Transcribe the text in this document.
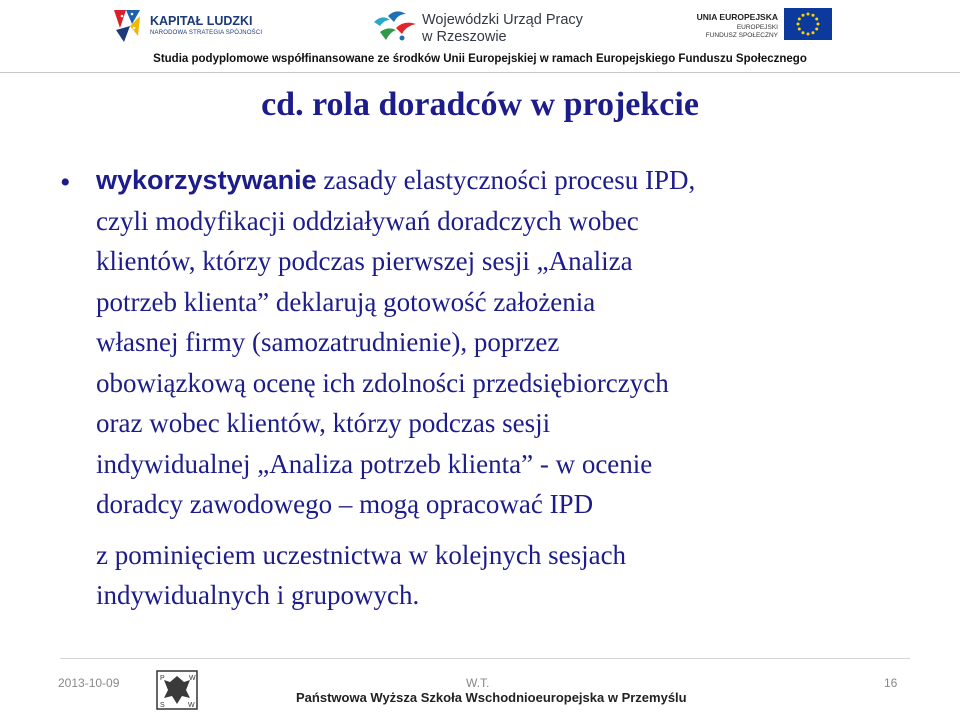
KAPITAŁ LUDZKI
NARODOWA STRATEGIA SPÓJNOŚCI
Wojewódzki Urząd Pracy
w Rzeszowie
UNIA EUROPEJSKA
EUROPEJSKI
FUNDUSZ SPOŁECZNY
Studia podyplomowe współfinansowane ze środków Unii Europejskiej w ramach Europejskiego Funduszu Społecznego
cd. rola doradców w projekcie
• wykorzystywanie zasady elastyczności procesu IPD,
czyli modyfikacji oddziaływań doradczych wobec
klientów, którzy podczas pierwszej sesji „Analiza
potrzeb klienta” deklarują gotowość założenia
własnej firmy (samozatrudnienie), poprzez
obowiązkową ocenę ich zdolności przedsiębiorczych
oraz wobec klientów, którzy podczas sesji
indywidualnej „Analiza potrzeb klienta” - w ocenie
doradcy zawodowego – mogą opracować IPD
z pominięciem uczestnictwa w kolejnych sesjach
indywidualnych i grupowych.
2013-10-09	P	W
S	W
W.T.
Państwowa Wyższa Szkoła Wschodnioeuropejska w Przemyślu
16
